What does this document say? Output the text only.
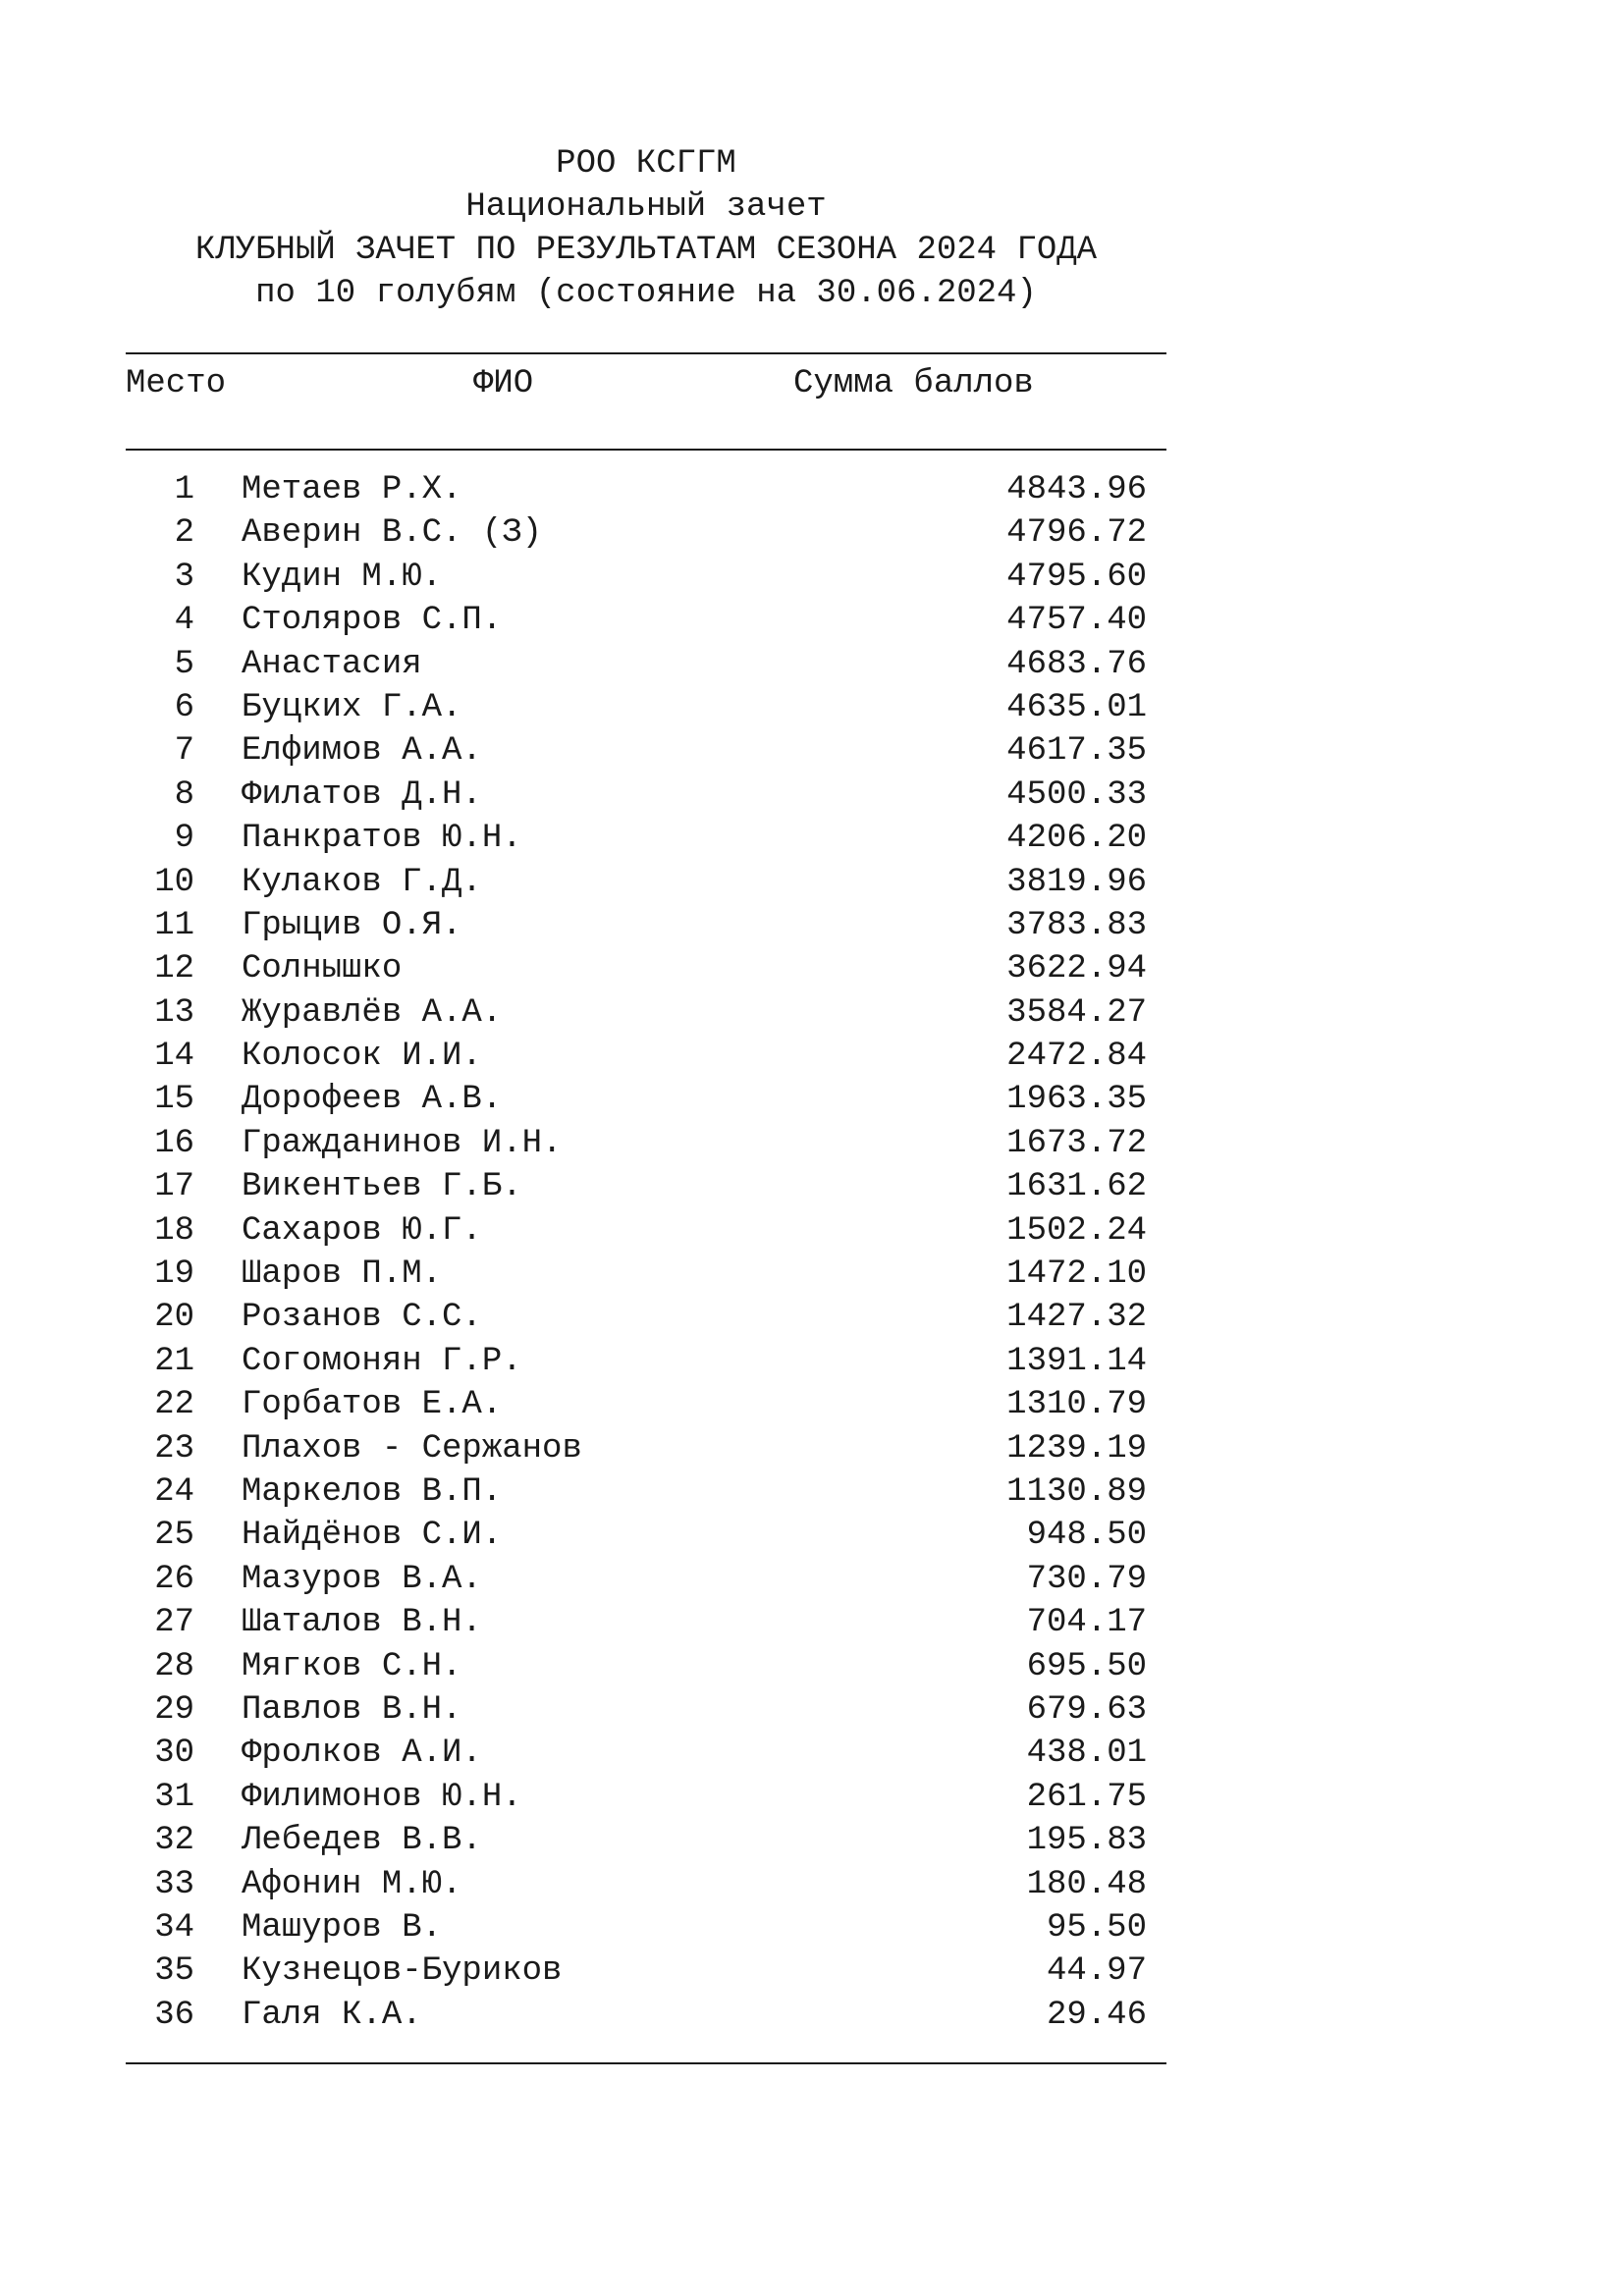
РОО КСГГМ
Национальный зачет
КЛУБНЫЙ ЗАЧЕТ ПО РЕЗУЛЬТАТАМ СЕЗОНА 2024 ГОДА
по 10 голубям (состояние на 30.06.2024)
Место	ФИО	Сумма баллов
1 Метаев Р.Х.	4843.96
2 Аверин В.С. (З)	4796.72
3 Кудин М.Ю.	4795.60
4 Столяров С.П.	4757.40
5 Анастасия	4683.76
6 Буцких Г.А.	4635.01
7 Елфимов А.А.	4617.35
8 Филатов Д.Н.	4500.33
9 Панкратов Ю.Н.	4206.20
10 Кулаков Г.Д.	3819.96
11 Грыцив О.Я.	3783.83
12 Солнышко	3622.94
13 Журавлёв А.А.	3584.27
14 Колосок И.И.	2472.84
15 Дорофеев А.В.	1963.35
16 Гражданинов И.Н.	1673.72
17 Викентьев Г.Б.	1631.62
18 Сахаров Ю.Г.	1502.24
19 Шаров П.М.	1472.10
20 Розанов С.С.	1427.32
21 Согомонян Г.Р.	1391.14
22 Горбатов Е.А.	1310.79
23 Плахов - Сержанов	1239.19
24 Маркелов В.П.	1130.89
25 Найдёнов С.И.	948.50
26 Мазуров В.А.	730.79
27 Шаталов В.Н.	704.17
28 Мягков С.Н.	695.50
29 Павлов В.Н.	679.63
30 Фролков А.И.	438.01
31 Филимонов Ю.Н.	261.75
32 Лебедев В.В.	195.83
33 Афонин М.Ю.	180.48
34 Машуров В.	95.50
35 Кузнецов-Буриков	44.97
36 Галя К.А.	29.46
